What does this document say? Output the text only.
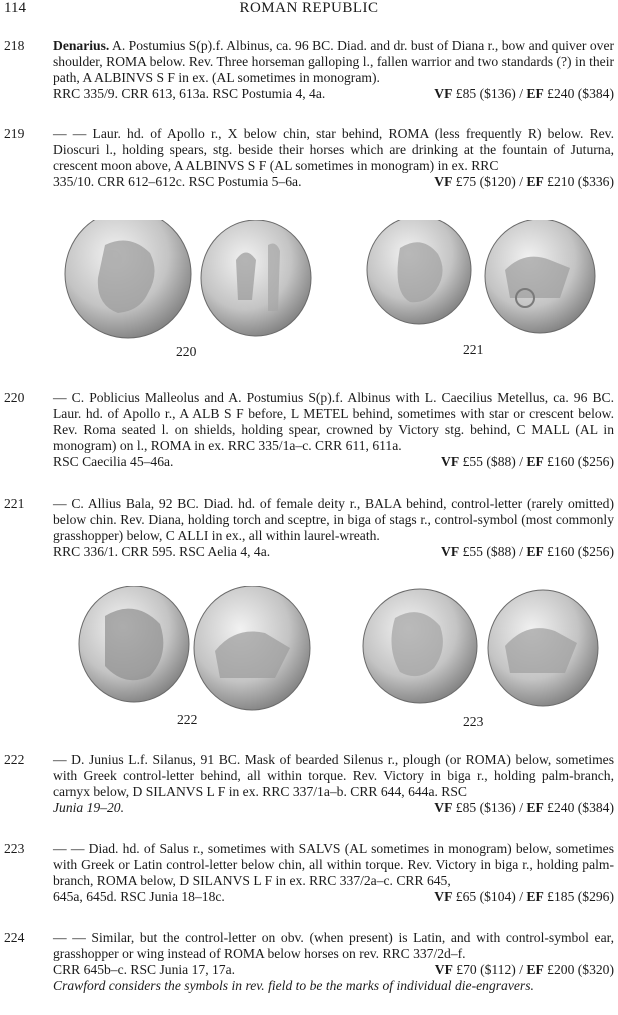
114	ROMAN REPUBLIC
218 Denarius. A. Postumius S(p).f. Albinus, ca. 96 BC. Diad. and dr. bust of Diana r., bow and quiver over shoulder, ROMA below. Rev. Three horseman galloping l., fallen warrior and two standards (?) in their path, A ALBINVS S F in ex. (AL sometimes in monogram).

RRC 335/9. CRR 613, 613a. RSC Postumia 4, 4a.	VF £85 ($136) / EF £240 ($384)
219 — — Laur. hd. of Apollo r., X below chin, star behind, ROMA (less frequently R) below. Rev. Dioscuri l., holding spears, stg. beside their horses which are drinking at the fountain of Juturna, crescent moon above, A ALBINVS S F (AL sometimes in monogram) in ex. RRC

335/10. CRR 612–612c. RSC Postumia 5–6a.	VF £75 ($120) / EF £210 ($336)
220	221
220 — C. Poblicius Malleolus and A. Postumius S(p).f. Albinus with L. Caecilius Metellus, ca. 96 BC. Laur. hd. of Apollo r., A ALB S F before, L METEL behind, sometimes with star or crescent below. Rev. Roma seated l. on shields, holding spear, crowned by Victory stg. behind, C MALL (AL in monogram) on l., ROMA in ex. RRC 335/1a–c. CRR 611, 611a.

RSC Caecilia 45–46a.	VF £55 ($88) / EF £160 ($256)
221 — C. Allius Bala, 92 BC. Diad. hd. of female deity r., BALA behind, control-letter (rarely omitted) below chin. Rev. Diana, holding torch and sceptre, in biga of stags r., control-symbol (most commonly grasshopper) below, C ALLI in ex., all within laurel-wreath.

RRC 336/1. CRR 595. RSC Aelia 4, 4a.	VF £55 ($88) / EF £160 ($256)
222	223
222 — D. Junius L.f. Silanus, 91 BC. Mask of bearded Silenus r., plough (or ROMA) below, sometimes with Greek control-letter behind, all within torque. Rev. Victory in biga r., holding palm-branch, carnyx below, D SILANVS L F in ex. RRC 337/1a–b. CRR 644, 644a. RSC

Junia 19–20.	VF £85 ($136) / EF £240 ($384)
223 — — Diad. hd. of Salus r., sometimes with SALVS (AL sometimes in monogram) below, sometimes with Greek or Latin control-letter below chin, all within torque. Rev. Victory in biga r., holding palm-branch, ROMA below, D SILANVS L F in ex. RRC 337/2a–c. CRR 645,

645a, 645d. RSC Junia 18–18c.	VF £65 ($104) / EF £185 ($296)
224 — — Similar, but the control-letter on obv. (when present) is Latin, and with control-symbol ear, grasshopper or wing instead of ROMA below horses on rev. RRC 337/2d–f.

CRR 645b–c. RSC Junia 17, 17a.	VF £70 ($112) / EF £200 ($320)

Crawford considers the symbols in rev. field to be the marks of individual die-engravers.
